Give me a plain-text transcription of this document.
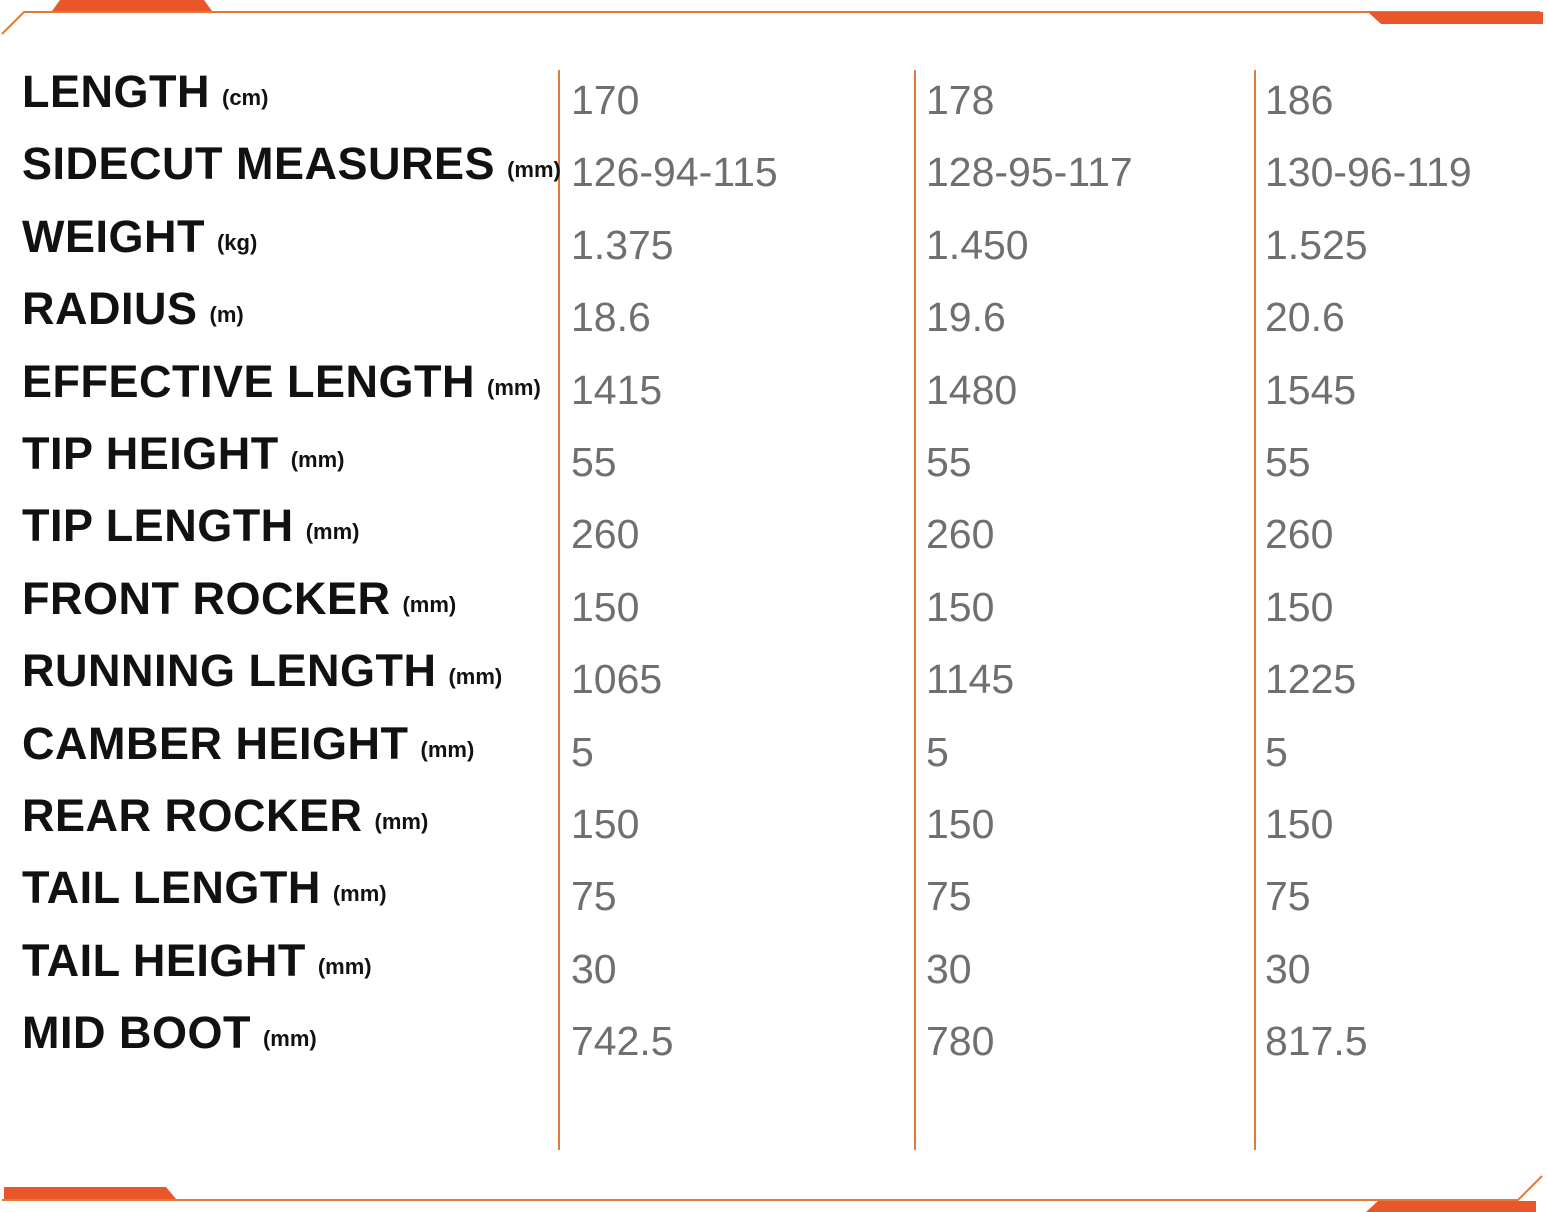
LENGTH $^{(cm)}$	170	178	186
SIDECUT MEASURES $^{(mm)}$ 126-94-115	128-95-117	130-96-119
WEIGHT $^{(kg)}$	1.375	1.450	1.525
RADIUS $^{(m)}$	18.6	19.6	20.6
EFFECTIVE LENGTH $^{(mm)}$ 1415	1480	1545
TIP HEIGHT $^{(mm)}$	55	55	55
TIP LENGTH $^{(mm)}$	260	260	260
FRONT ROCKER $^{(mm)}$	150	150	150
RUNNING LENGTH $^{(mm)}$ 1065	1145	1225
CAMBER HEIGHT $^{(mm)}$ 5	5	5
REAR ROCKER $^{(mm)}$	150	150	150
TAIL LENGTH $^{(mm)}$	75	75	75
TAIL HEIGHT $^{(mm)}$	30	30	30
MID BOOT $^{(mm)}$	742.5	780	817.5
